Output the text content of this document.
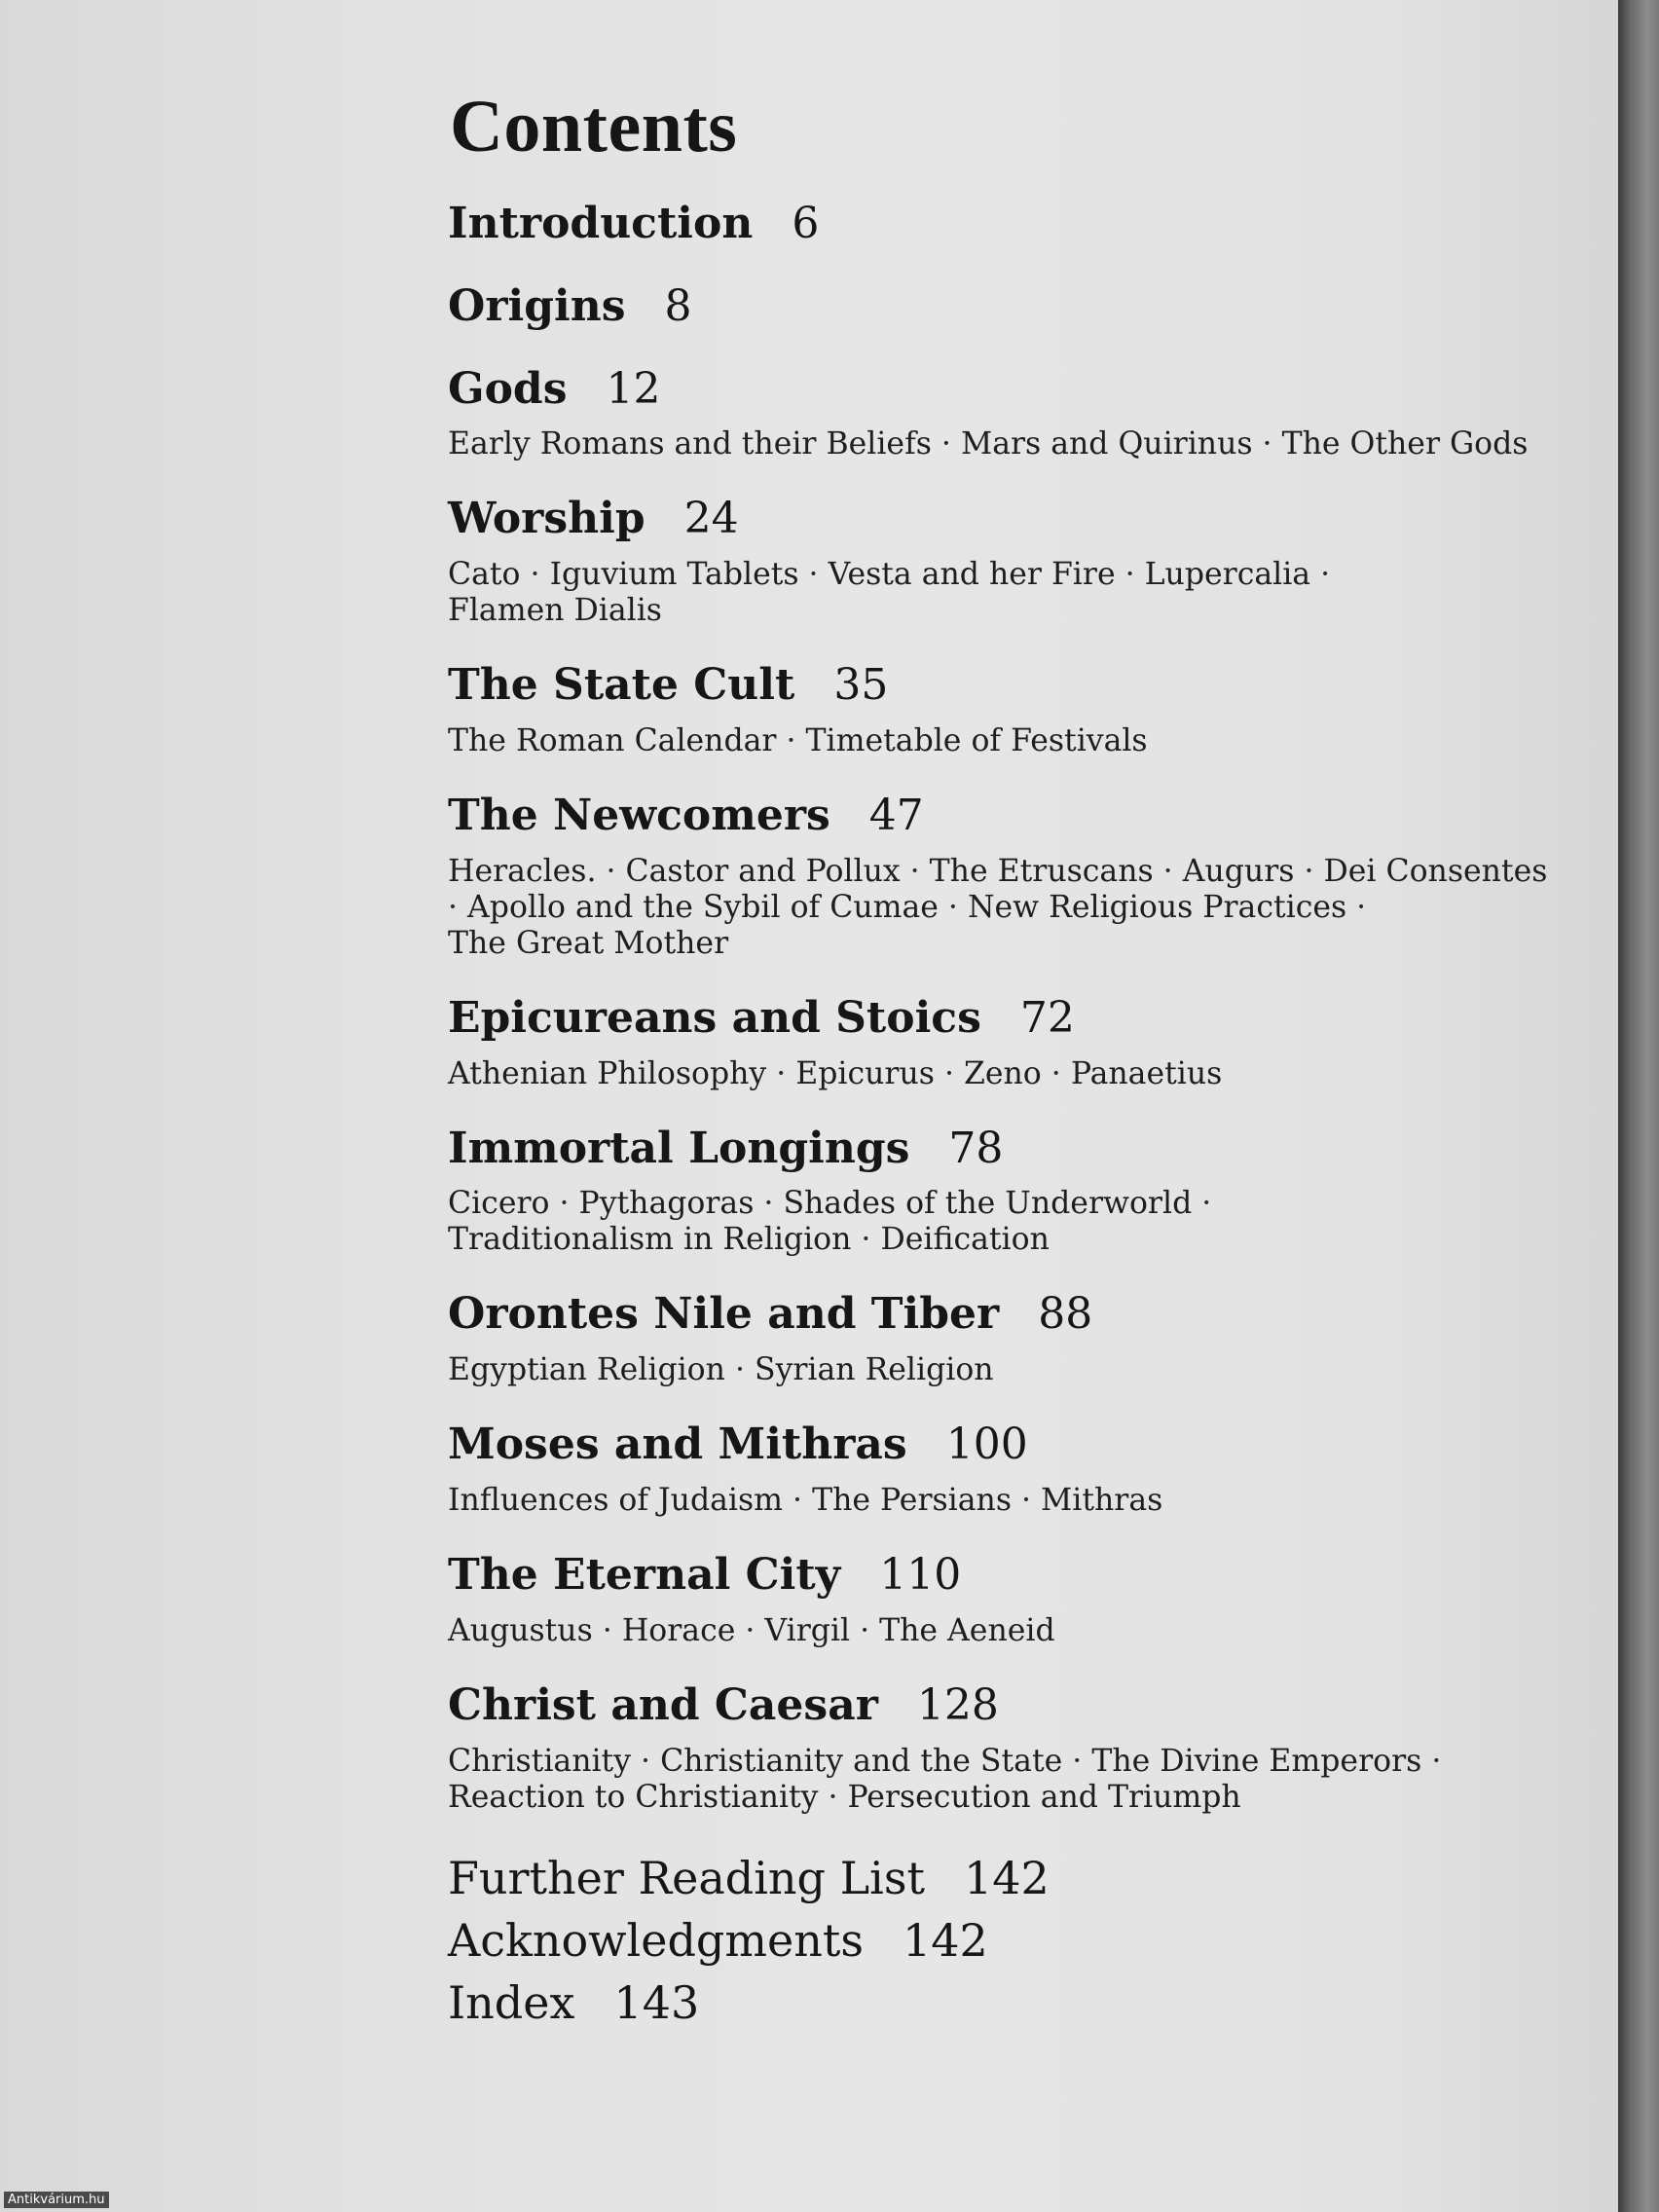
Contents
Introduction 6
Origins 8
Gods 12
Early Romans and their Beliefs · Mars and Quirinus · The Other Gods
Worship 24
Cato · Iguvium Tablets · Vesta and her Fire · Lupercalia · Flamen Dialis
The State Cult 35
The Roman Calendar · Timetable of Festivals
The Newcomers 47
Heracles. · Castor and Pollux · The Etruscans · Augurs · Dei Consentes · Apollo and the Sybil of Cumae · New Religious Practices · The Great Mother
Epicureans and Stoics 72
Athenian Philosophy · Epicurus · Zeno · Panaetius
Immortal Longings 78
Cicero · Pythagoras · Shades of the Underworld · Traditionalism in Religion · Deification
Orontes Nile and Tiber 88
Egyptian Religion · Syrian Religion
Moses and Mithras 100
Influences of Judaism · The Persians · Mithras
The Eternal City 110
Augustus · Horace · Virgil · The Aeneid
Christ and Caesar 128
Christianity · Christianity and the State · The Divine Emperors · Reaction to Christianity · Persecution and Triumph
Further Reading List 142
Acknowledgments 142
Index 143
Antikvárium.hu
